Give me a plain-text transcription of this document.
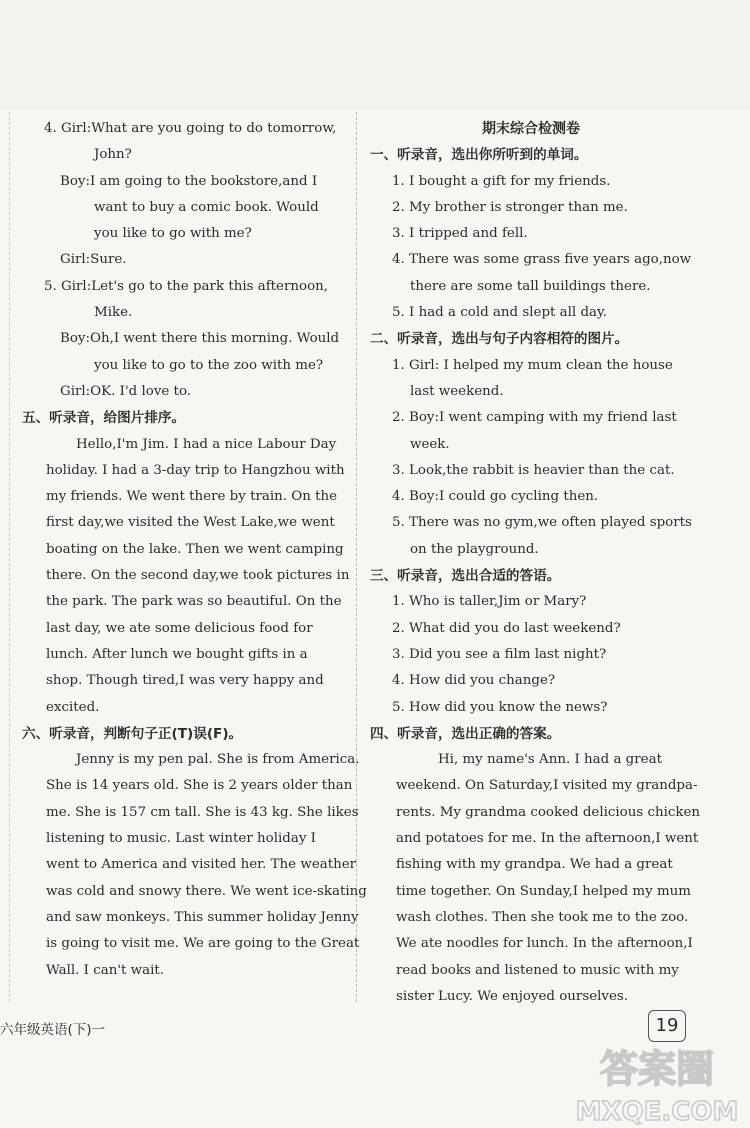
4. Girl:What are you going to do tomorrow,
John?
Boy:I am going to the bookstore,and I
want to buy a comic book. Would
you like to go with me?
Girl:Sure.
5. Girl:Let's go to the park this afternoon,
Mike.
Boy:Oh,I went there this morning. Would
you like to go to the zoo with me?
Girl:OK. I'd love to.
五、听录音，给图片排序。
Hello,I'm Jim. I had a nice Labour Day
holiday. I had a 3-day trip to Hangzhou with
my friends. We went there by train. On the
first day,we visited the West Lake,we went
boating on the lake. Then we went camping
there. On the second day,we took pictures in
the park. The park was so beautiful. On the
last day, we ate some delicious food for
lunch. After lunch we bought gifts in a
shop. Though tired,I was very happy and
excited.
六、听录音，判断句子正(T)误(F)。
Jenny is my pen pal. She is from America.
She is 14 years old. She is 2 years older than
me. She is 157 cm tall. She is 43 kg. She likes
listening to music. Last winter holiday I
went to America and visited her. The weather
was cold and snowy there. We went ice-skating
and saw monkeys. This summer holiday Jenny
is going to visit me. We are going to the Great
Wall. I can't wait.
期末综合检测卷
一、听录音，选出你所听到的单词。
1. I bought a gift for my friends.
2. My brother is stronger than me.
3. I tripped and fell.
4. There was some grass five years ago,now
there are some tall buildings there.
5. I had a cold and slept all day.
二、听录音，选出与句子内容相符的图片。
1. Girl: I helped my mum clean the house
last weekend.
2. Boy:I went camping with my friend last
week.
3. Look,the rabbit is heavier than the cat.
4. Boy:I could go cycling then.
5. There was no gym,we often played sports
on the playground.
三、听录音，选出合适的答语。
1. Who is taller,Jim or Mary?
2. What did you do last weekend?
3. Did you see a film last night?
4. How did you change?
5. How did you know the news?
四、听录音，选出正确的答案。
Hi, my name's Ann. I had a great
weekend. On Saturday,I visited my grandpa-
rents. My grandma cooked delicious chicken
and potatoes for me. In the afternoon,I went
fishing with my grandpa. We had a great
time together. On Sunday,I helped my mum
wash clothes. Then she took me to the zoo.
We ate noodles for lunch. In the afternoon,I
read books and listened to music with my
sister Lucy. We enjoyed ourselves.
六年级英语(下)一	19
答案圈
MXQE.COM
